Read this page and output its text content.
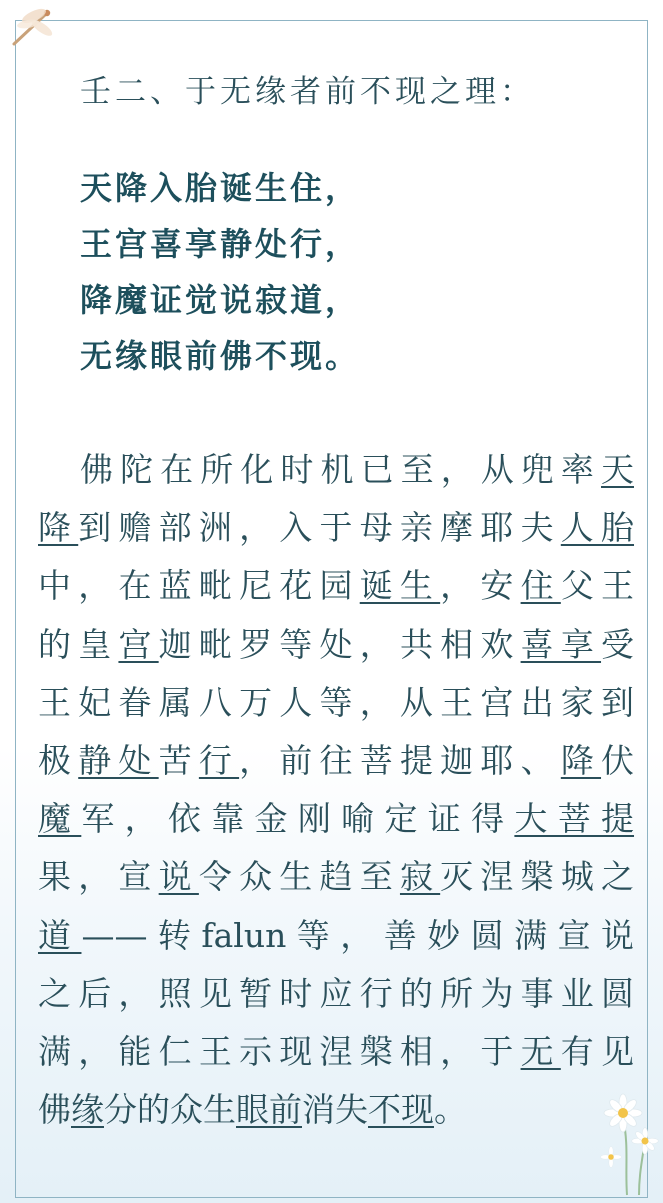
壬二、于无缘者前不现之理：
天降入胎诞生住，
王宫喜享静处行，
降魔证觉说寂道，
无缘眼前佛不现。
佛陀在所化时机已至，从兜率天
降到赡部洲，入于母亲摩耶夫人胎
中，在蓝毗尼花园诞生，安住父王
的皇宫迦毗罗等处，共相欢喜享受
王妃眷属八万人等，从王宫出家到
极静处苦行，前往菩提迦耶、降伏
魔军，依靠金刚喻定证得大菩提
果，宣说令众生趋至寂灭涅槃城之
道——转falun等，善妙圆满宣说
之后，照见暂时应行的所为事业圆
满，能仁王示现涅槃相，于无有见
佛缘分的众生眼前消失不现。
